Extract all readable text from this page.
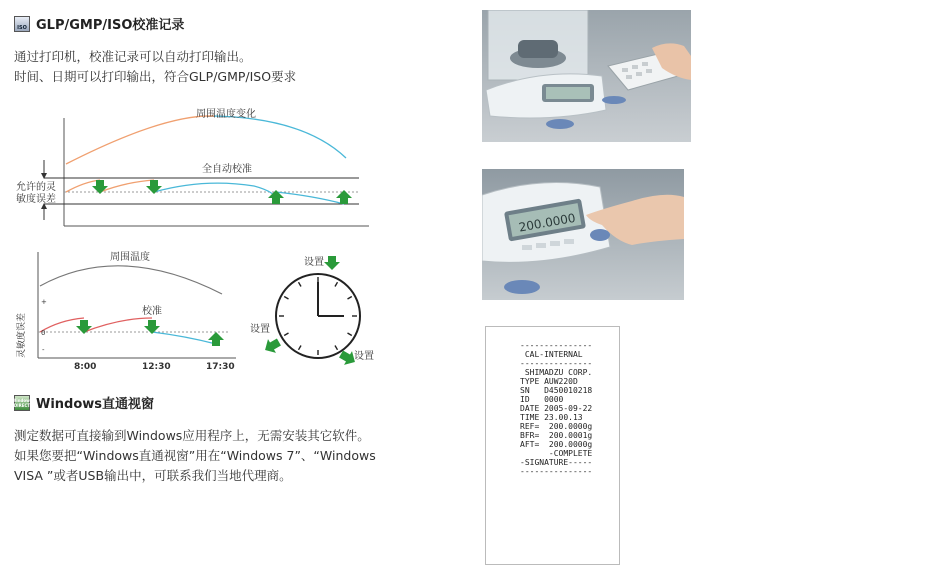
ISO GLP/GMP/ISO校准记录

通过打印机，校准记录可以自动打印输出。

时间、日期可以打印输出，符合GLP/GMP/ISO要求

周围温度变化
全自动校准
允许的灵
敏度误差
周围温度
校准
+
0
-
灵敏度误差
8:00	12:30	17:30
设置
设置
设置
Windows
DIRECT Windows直通视窗

测定数据可直接输到Windows应用程序上，无需安装其它软件。

如果您要把“Windows直通视窗”用在“Windows 7”、“Windows

VISA ”或者USB输出中，可联系我们当地代理商。

200.0000
---------------
CAL-INTERNAL
---------------
SHIMADZU CORP.
TYPE AUW220D
SN   D450010218
ID   0000
DATE 2005-09-22
TIME 23.00.13
REF=  200.0000g
BFR=  200.0001g
AFT=  200.0000g
-COMPLETE
-SIGNATURE-----
---------------
